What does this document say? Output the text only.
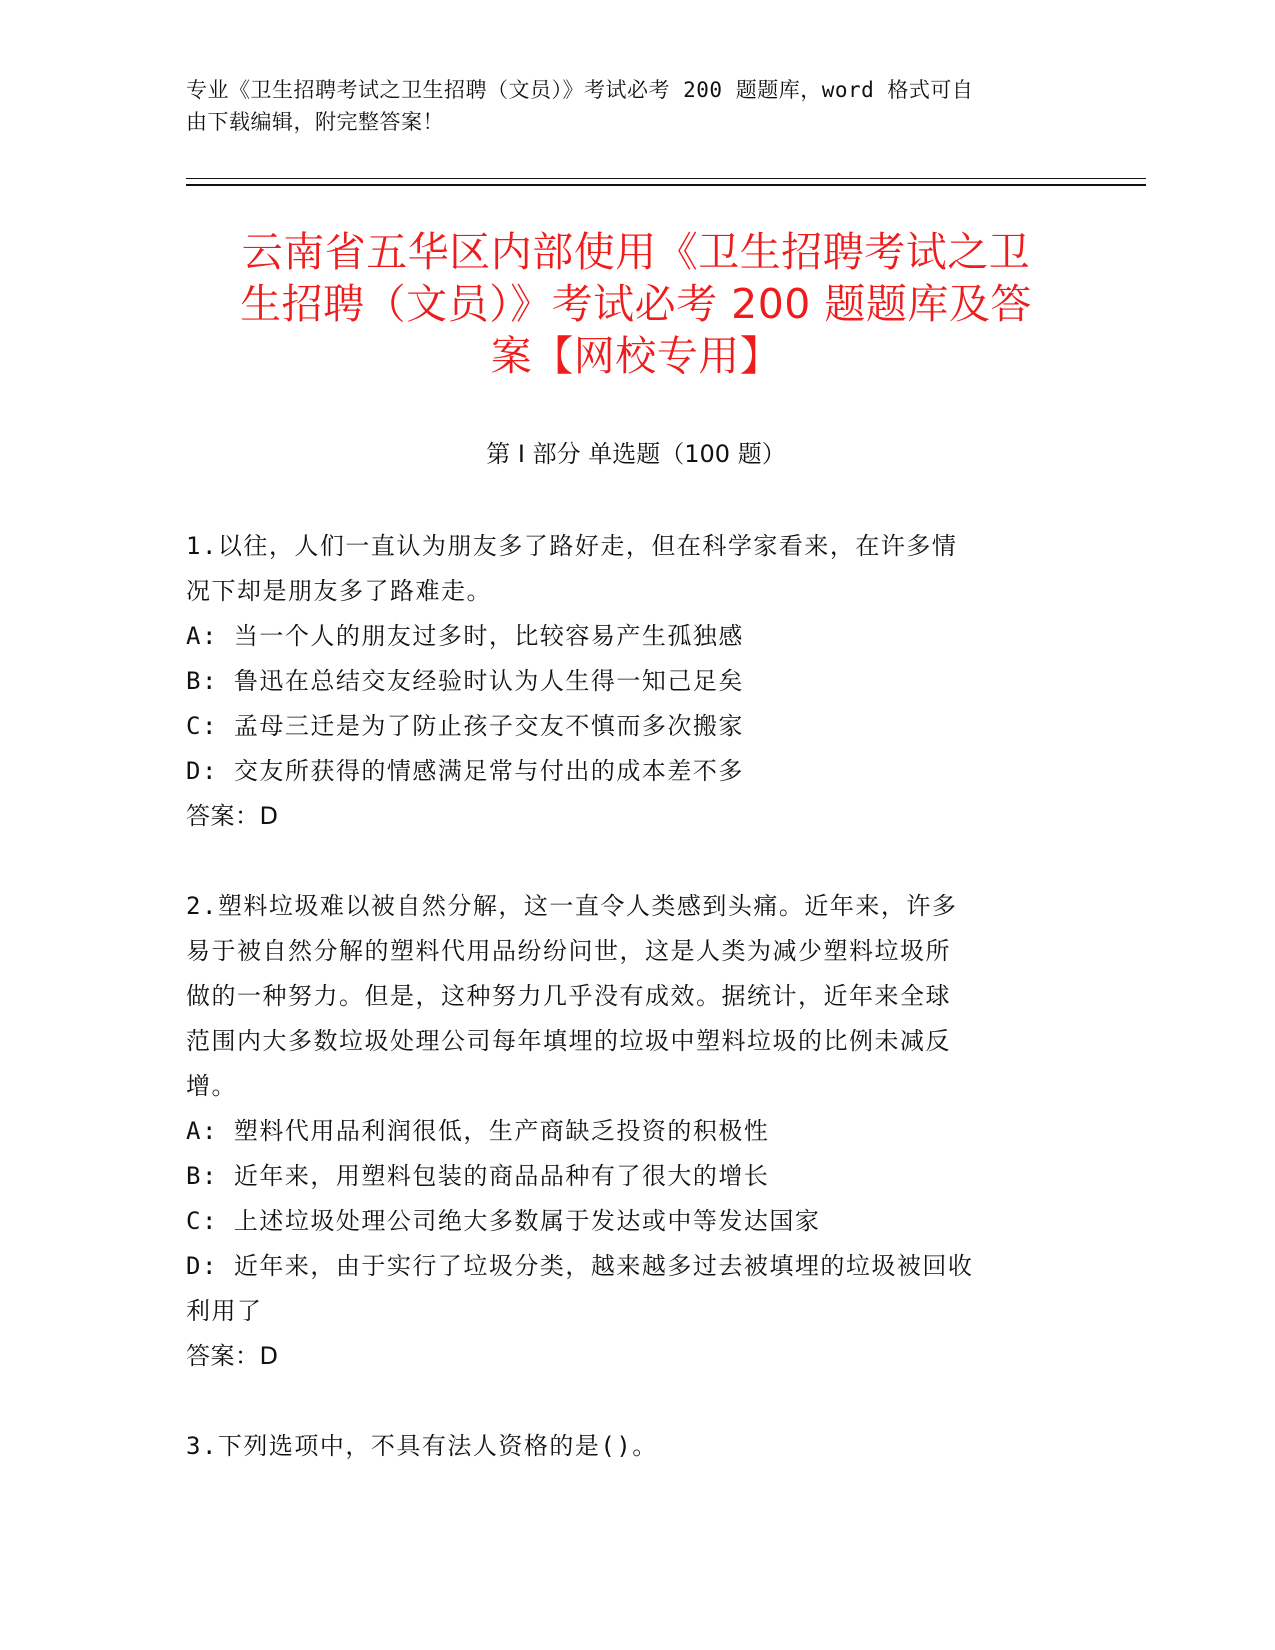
专业《卫生招聘考试之卫生招聘（文员）》考试必考 200 题题库，word 格式可自
由下载编辑，附完整答案！
云南省五华区内部使用《卫生招聘考试之卫
生招聘（文员）》考试必考 200 题题库及答
案【网校专用】
第 I 部分 单选题（100 题）

1.以往，人们一直认为朋友多了路好走，但在科学家看来，在许多情

况下却是朋友多了路难走。

A: 当一个人的朋友过多时，比较容易产生孤独感

B: 鲁迅在总结交友经验时认为人生得一知己足矣

C: 孟母三迁是为了防止孩子交友不慎而多次搬家

D: 交友所获得的情感满足常与付出的成本差不多

答案：D

2.塑料垃圾难以被自然分解，这一直令人类感到头痛。近年来，许多

易于被自然分解的塑料代用品纷纷问世，这是人类为减少塑料垃圾所

做的一种努力。但是，这种努力几乎没有成效。据统计，近年来全球

范围内大多数垃圾处理公司每年填埋的垃圾中塑料垃圾的比例未减反

增。

A: 塑料代用品利润很低，生产商缺乏投资的积极性

B: 近年来，用塑料包装的商品品种有了很大的增长

C: 上述垃圾处理公司绝大多数属于发达或中等发达国家

D: 近年来，由于实行了垃圾分类，越来越多过去被填埋的垃圾被回收

利用了

答案：D

3.下列选项中，不具有法人资格的是()。
